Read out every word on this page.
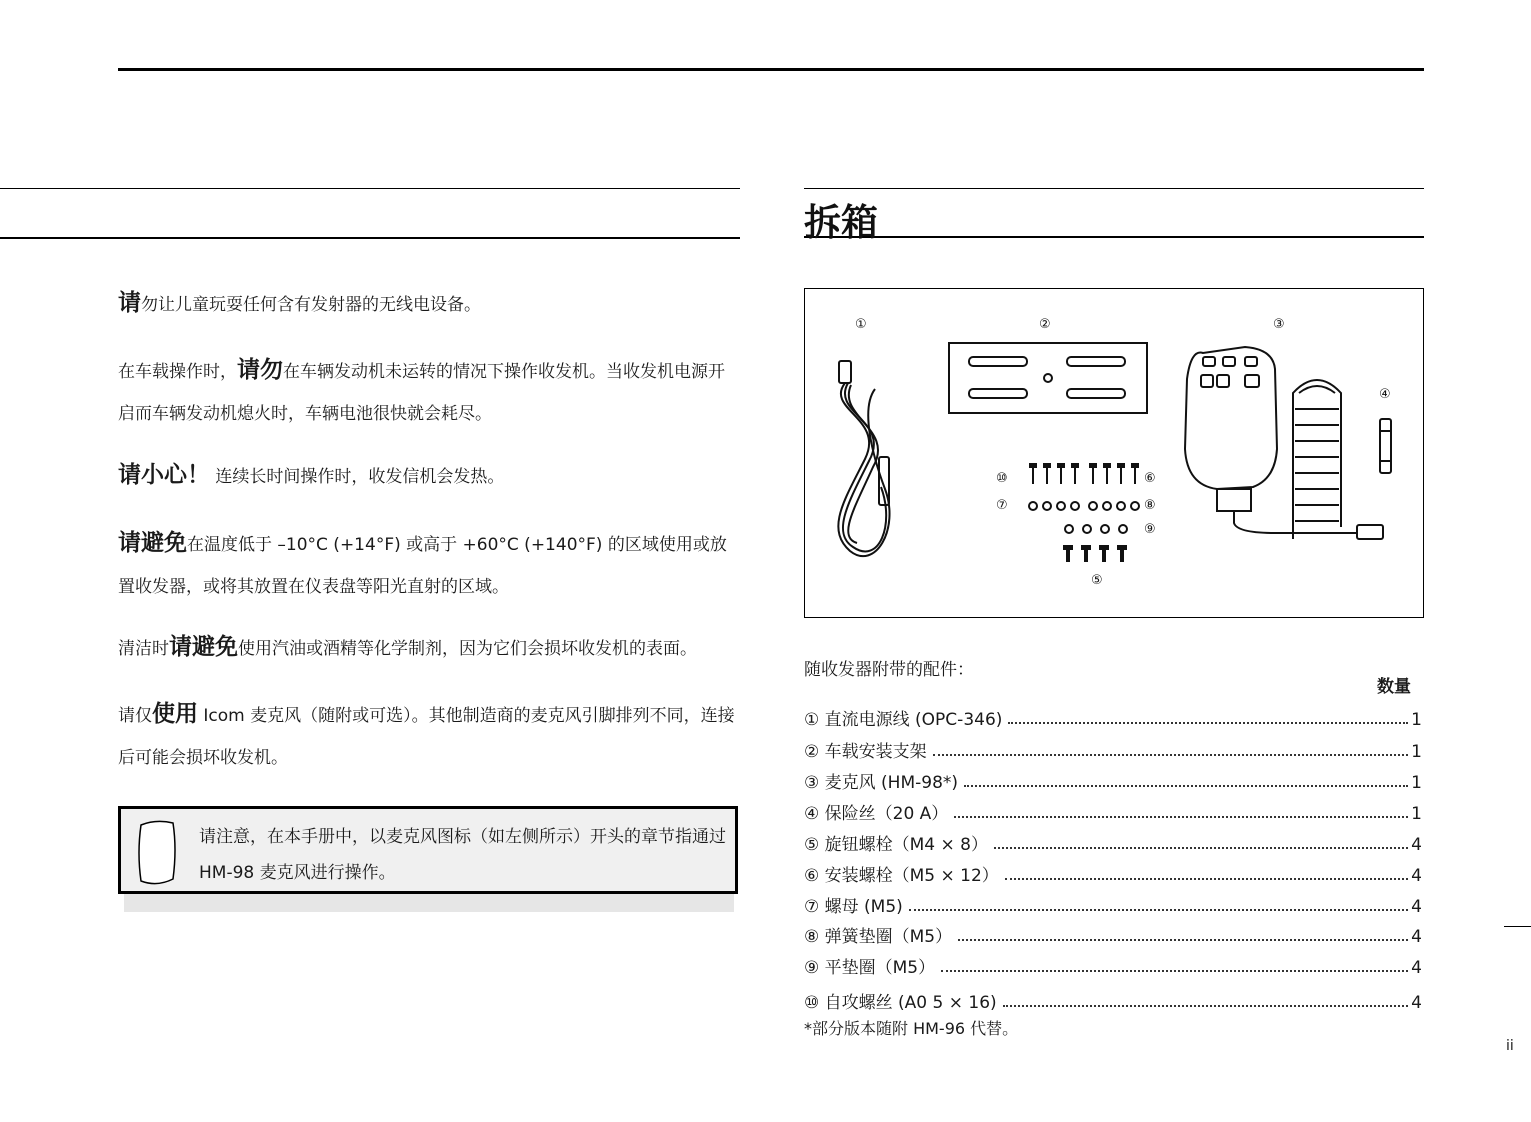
请勿让儿童玩耍任何含有发射器的无线电设备。
在车载操作时，请勿在车辆发动机未运转的情况下操作收发机。当收发机电源开启而车辆发动机熄火时，车辆电池很快就会耗尽。
请小心！ 连续长时间操作时，收发信机会发热。
请避免在温度低于 –10°C (+14°F) 或高于 +60°C (+140°F) 的区域使用或放置收发器，或将其放置在仪表盘等阳光直射的区域。
清洁时请避免使用汽油或酒精等化学制剂，因为它们会损坏收发机的表面。
请仅使用 Icom 麦克风（随附或可选）。其他制造商的麦克风引脚排列不同，连接后可能会损坏收发机。
请注意，在本手册中，以麦克风图标（如左侧所示）开头的章节指通过 HM-98 麦克风进行操作。
拆箱
①	②	③
④
⑤
⑥
⑦	⑧
⑨
⑩
随收发器附带的配件：
数量
① 直流电源线 (OPC-346)	1
② 车载安装支架	1
③ 麦克风 (HM-98*)	1
④ 保险丝（20 A）	1
⑤ 旋钮螺栓（M4 × 8）	4
⑥ 安装螺栓（M5 × 12）	4
⑦ 螺母 (M5)	4
⑧ 弹簧垫圈（M5）	4
⑨ 平垫圈（M5）	4
⑩ 自攻螺丝 (A0 5 × 16)	4
*部分版本随附 HM-96 代替。
ii
